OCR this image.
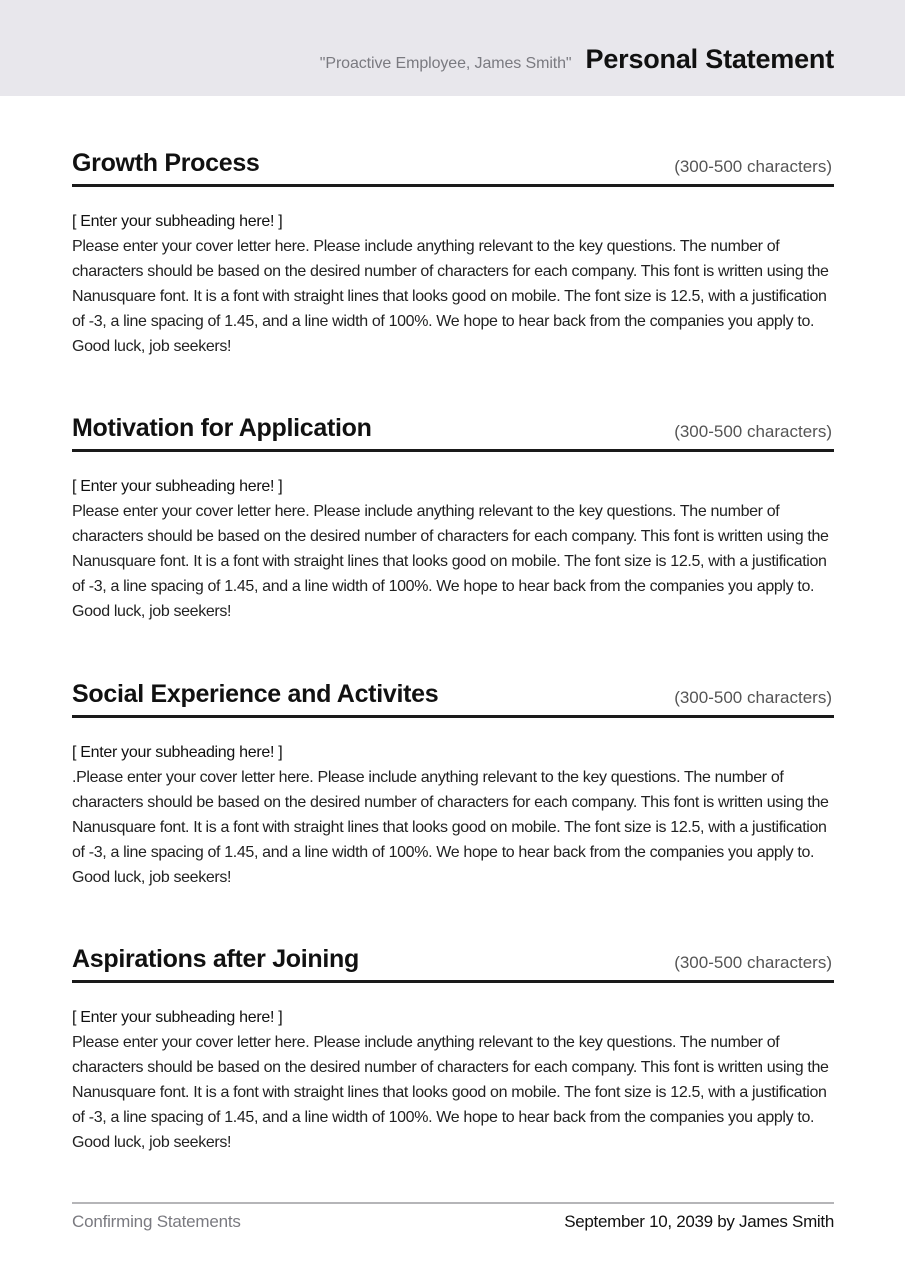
"Proactive Employee, James Smith" Personal Statement
Growth Process	(300-500 characters)
[ Enter your subheading here! ]
Please enter your cover letter here. Please include anything relevant to the key questions. The number of characters should be based on the desired number of characters for each company. This font is written using the Nanusquare font. It is a font with straight lines that looks good on mobile. The font size is 12.5, with a justification of -3, a line spacing of 1.45, and a line width of 100%. We hope to hear back from the companies you apply to. Good luck, job seekers!
Motivation for Application	(300-500 characters)
[ Enter your subheading here! ]
Please enter your cover letter here. Please include anything relevant to the key questions. The number of characters should be based on the desired number of characters for each company. This font is written using the Nanusquare font. It is a font with straight lines that looks good on mobile. The font size is 12.5, with a justification of -3, a line spacing of 1.45, and a line width of 100%. We hope to hear back from the companies you apply to. Good luck, job seekers!
Social Experience and Activites	(300-500 characters)
[ Enter your subheading here! ]
.Please enter your cover letter here. Please include anything relevant to the key questions. The number of characters should be based on the desired number of characters for each company. This font is written using the Nanusquare font. It is a font with straight lines that looks good on mobile. The font size is 12.5, with a justification of -3, a line spacing of 1.45, and a line width of 100%. We hope to hear back from the companies you apply to. Good luck, job seekers!
Aspirations after Joining	(300-500 characters)
[ Enter your subheading here! ]
Please enter your cover letter here. Please include anything relevant to the key questions. The number of characters should be based on the desired number of characters for each company. This font is written using the Nanusquare font. It is a font with straight lines that looks good on mobile. The font size is 12.5, with a justification of -3, a line spacing of 1.45, and a line width of 100%. We hope to hear back from the companies you apply to. Good luck, job seekers!
Confirming Statements	September 10, 2039 by James Smith
